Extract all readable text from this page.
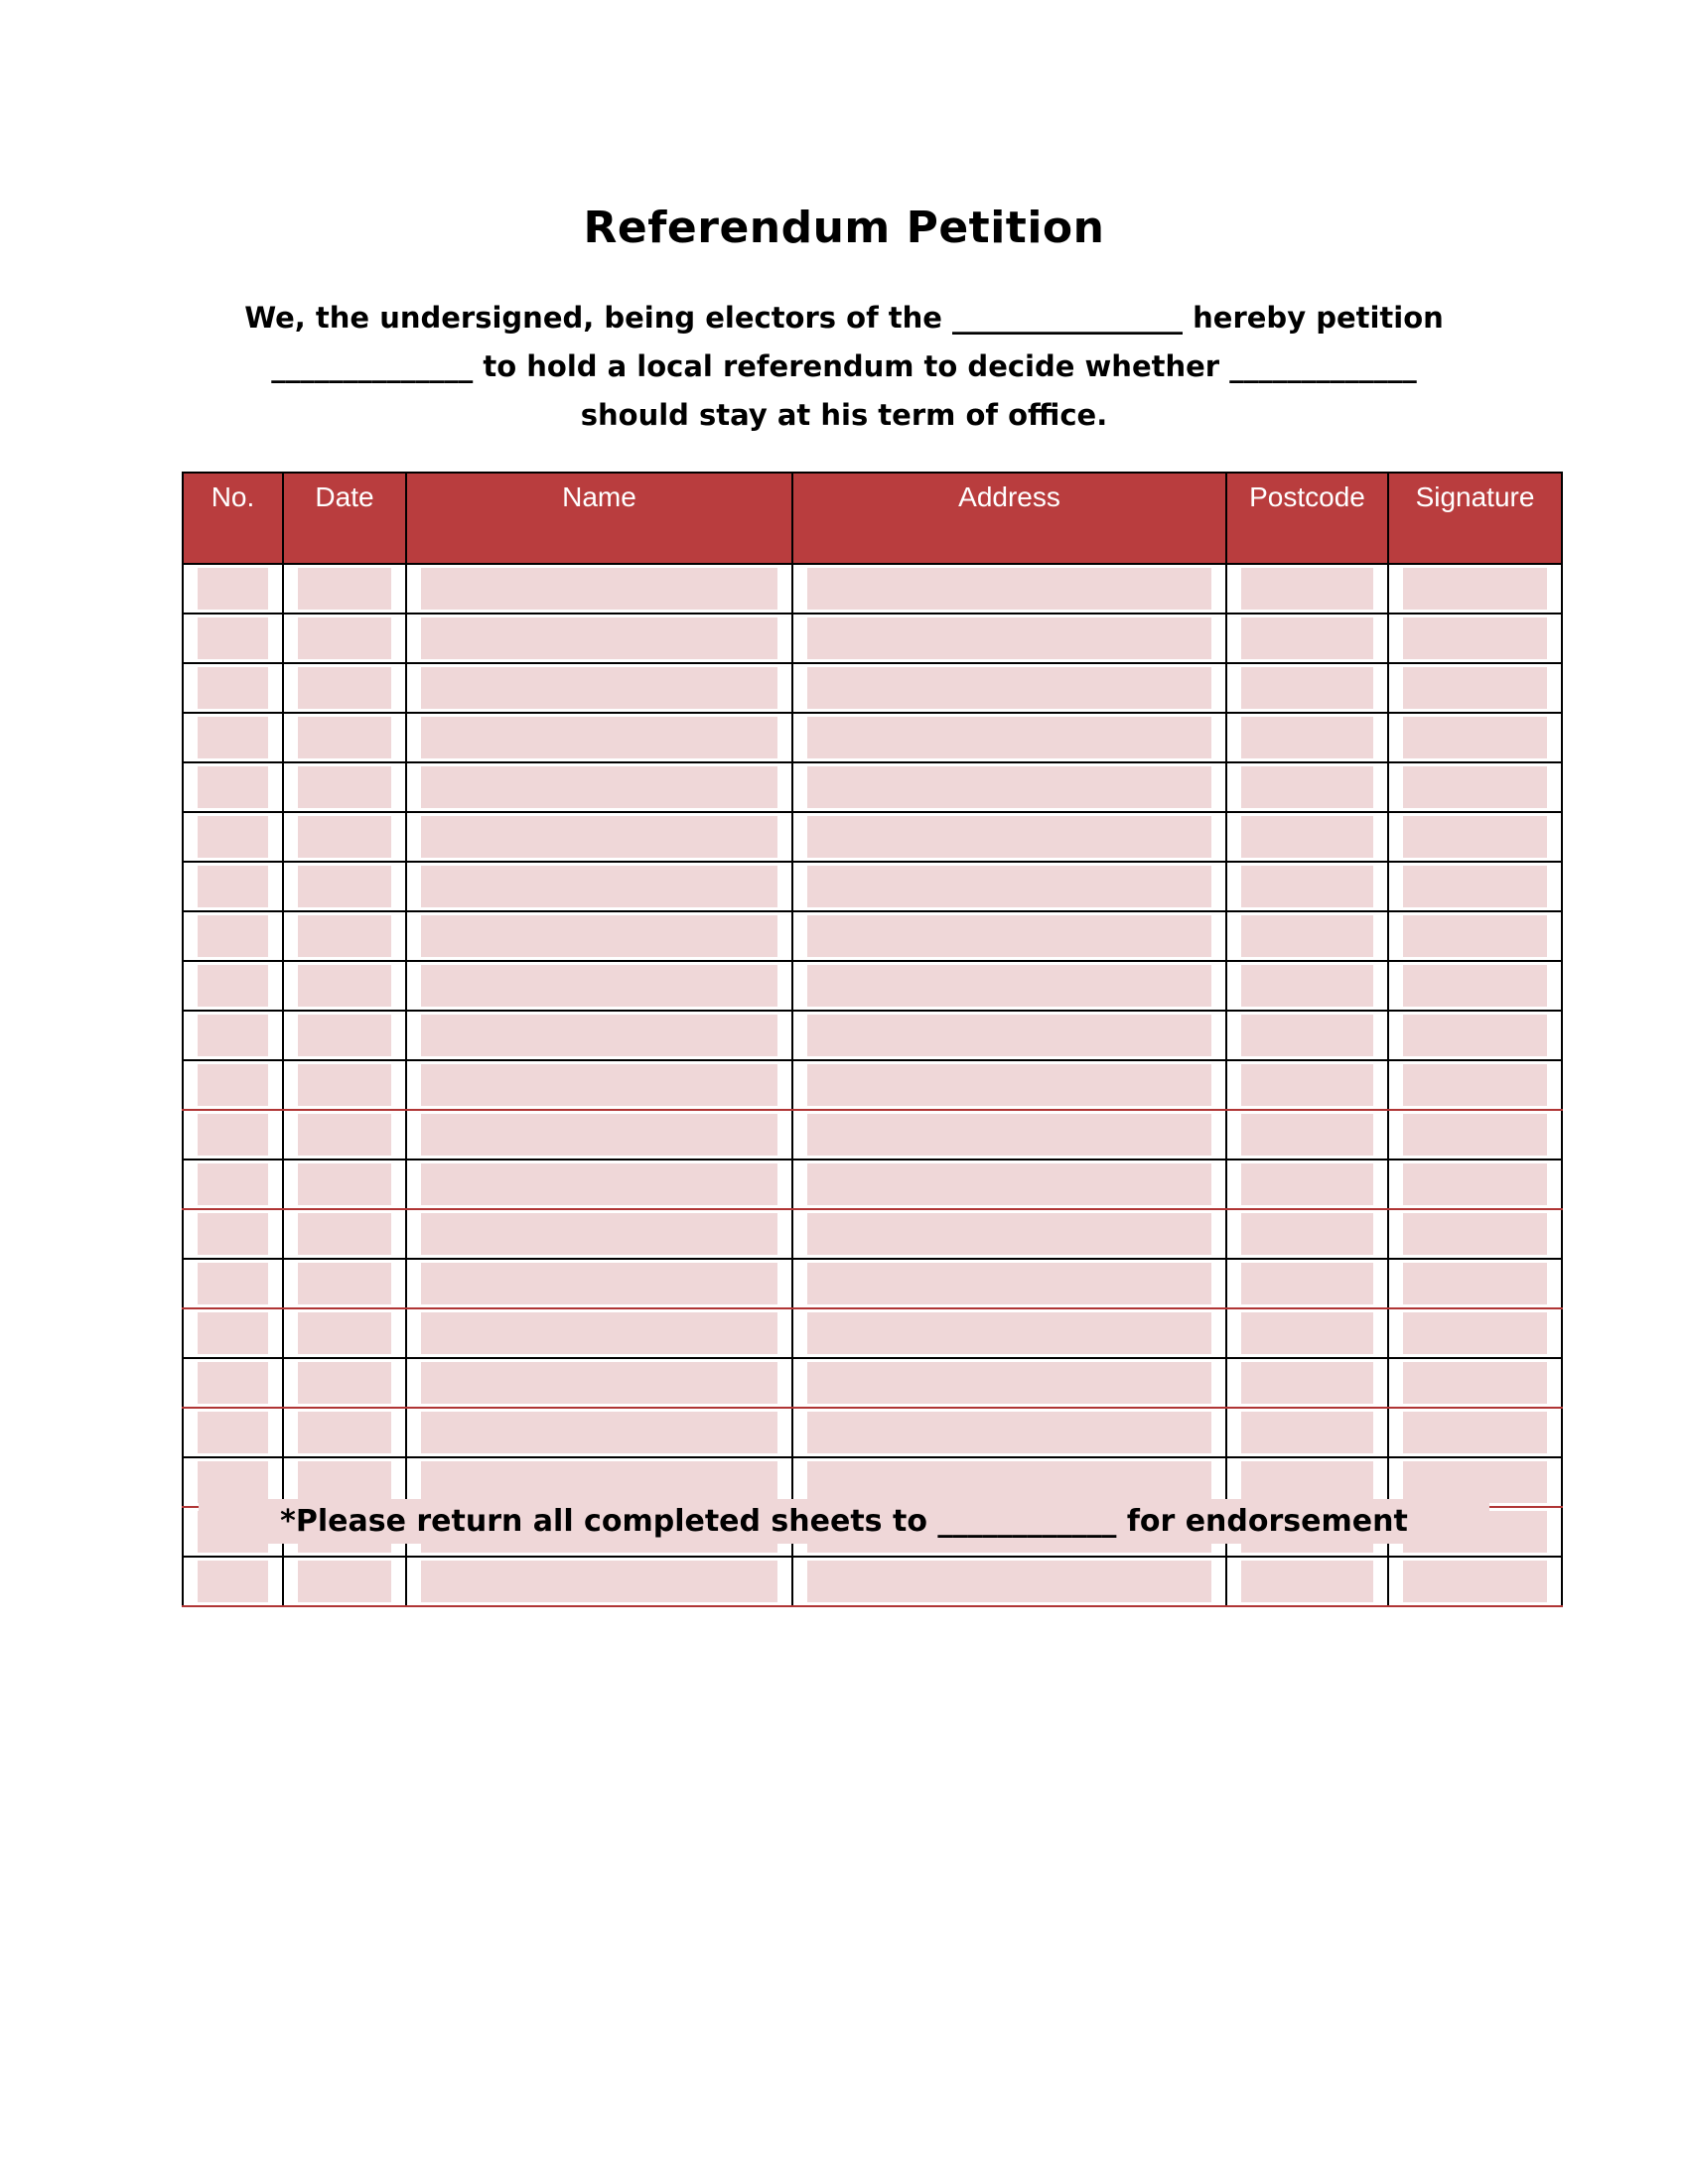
Referendum Petition
We, the undersigned, being electors of the ________________ hereby petition
______________ to hold a local referendum to decide whether _____________
should stay at his term of office.
No.	Date	Name	Address	Postcode	Signature

*Please return all completed sheets to ____________ for endorsement
